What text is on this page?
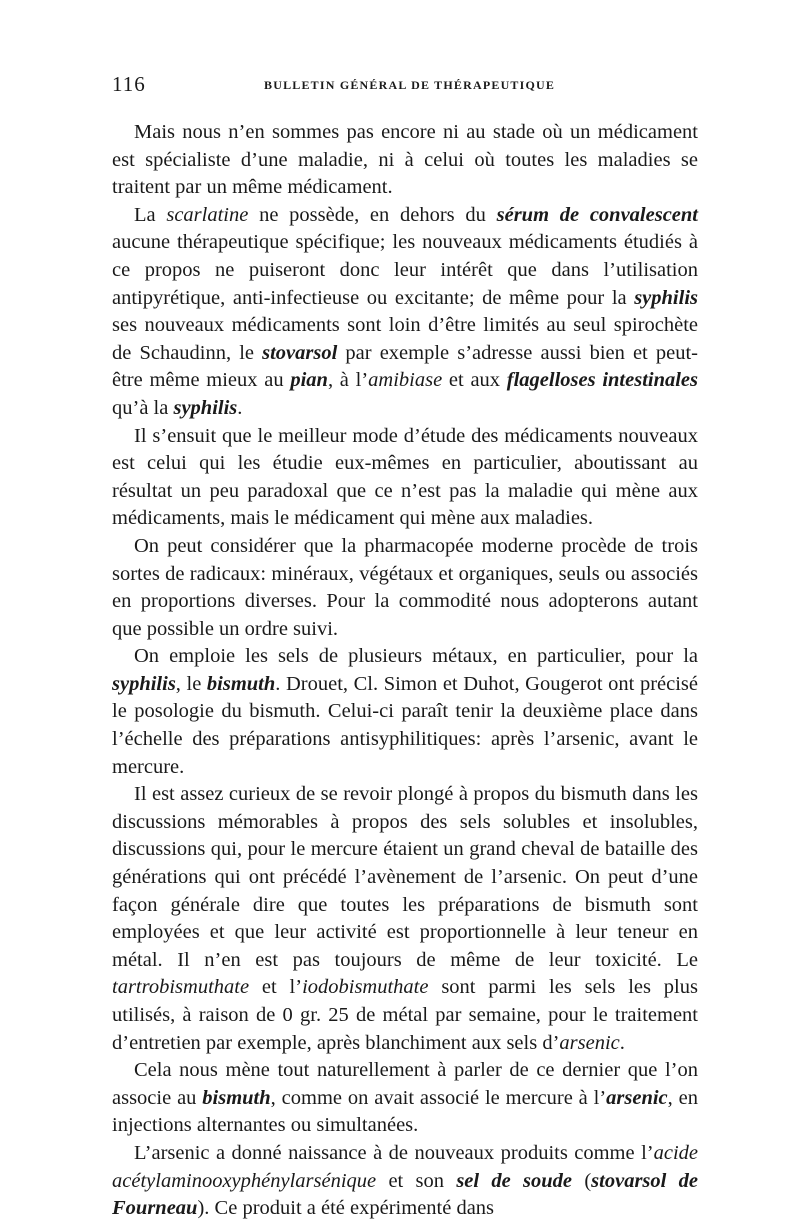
116	BULLETIN GÉNÉRAL DE THÉRAPEUTIQUE

Mais nous n’en sommes pas encore ni au stade où un médicament est spécialiste d’une maladie, ni à celui où toutes les maladies se traitent par un même médicament.

La scarlatine ne possède, en dehors du sérum de convalescent aucune thérapeutique spécifique; les nouveaux médicaments étudiés à ce propos ne puiseront donc leur intérêt que dans l’utilisation antipyrétique, anti-infectieuse ou excitante; de même pour la syphilis ses nouveaux médicaments sont loin d’être limités au seul spirochète de Schaudinn, le stovarsol par exemple s’adresse aussi bien et peut-être même mieux au pian, à l’amibiase et aux flagelloses intestinales qu’à la syphilis.

Il s’ensuit que le meilleur mode d’étude des médicaments nouveaux est celui qui les étudie eux-mêmes en particulier, aboutissant au résultat un peu paradoxal que ce n’est pas la maladie qui mène aux médicaments, mais le médicament qui mène aux maladies.

On peut considérer que la pharmacopée moderne procède de trois sortes de radicaux: minéraux, végétaux et organiques, seuls ou associés en proportions diverses. Pour la commodité nous adopterons autant que possible un ordre suivi.

On emploie les sels de plusieurs métaux, en particulier, pour la syphilis, le bismuth. Drouet, Cl. Simon et Duhot, Gougerot ont précisé le posologie du bismuth. Celui-ci paraît tenir la deuxième place dans l’échelle des préparations antisyphilitiques: après l’arsenic, avant le mercure.

Il est assez curieux de se revoir plongé à propos du bismuth dans les discussions mémorables à propos des sels solubles et insolubles, discussions qui, pour le mercure étaient un grand cheval de bataille des générations qui ont précédé l’avènement de l’arsenic. On peut d’une façon générale dire que toutes les préparations de bismuth sont employées et que leur activité est proportionnelle à leur teneur en métal. Il n’en est pas toujours de même de leur toxicité. Le tartrobismuthate et l’iodobismuthate sont parmi les sels les plus utilisés, à raison de 0 gr. 25 de métal par semaine, pour le traitement d’entretien par exemple, après blanchiment aux sels d’arsenic.

Cela nous mène tout naturellement à parler de ce dernier que l’on associe au bismuth, comme on avait associé le mercure à l’arsenic, en injections alternantes ou simultanées.

L’arsenic a donné naissance à de nouveaux produits comme l’acide acétylaminooxyphénylarsénique et son sel de soude (stovarsol de Fourneau). Ce produit a été expérimenté dans
